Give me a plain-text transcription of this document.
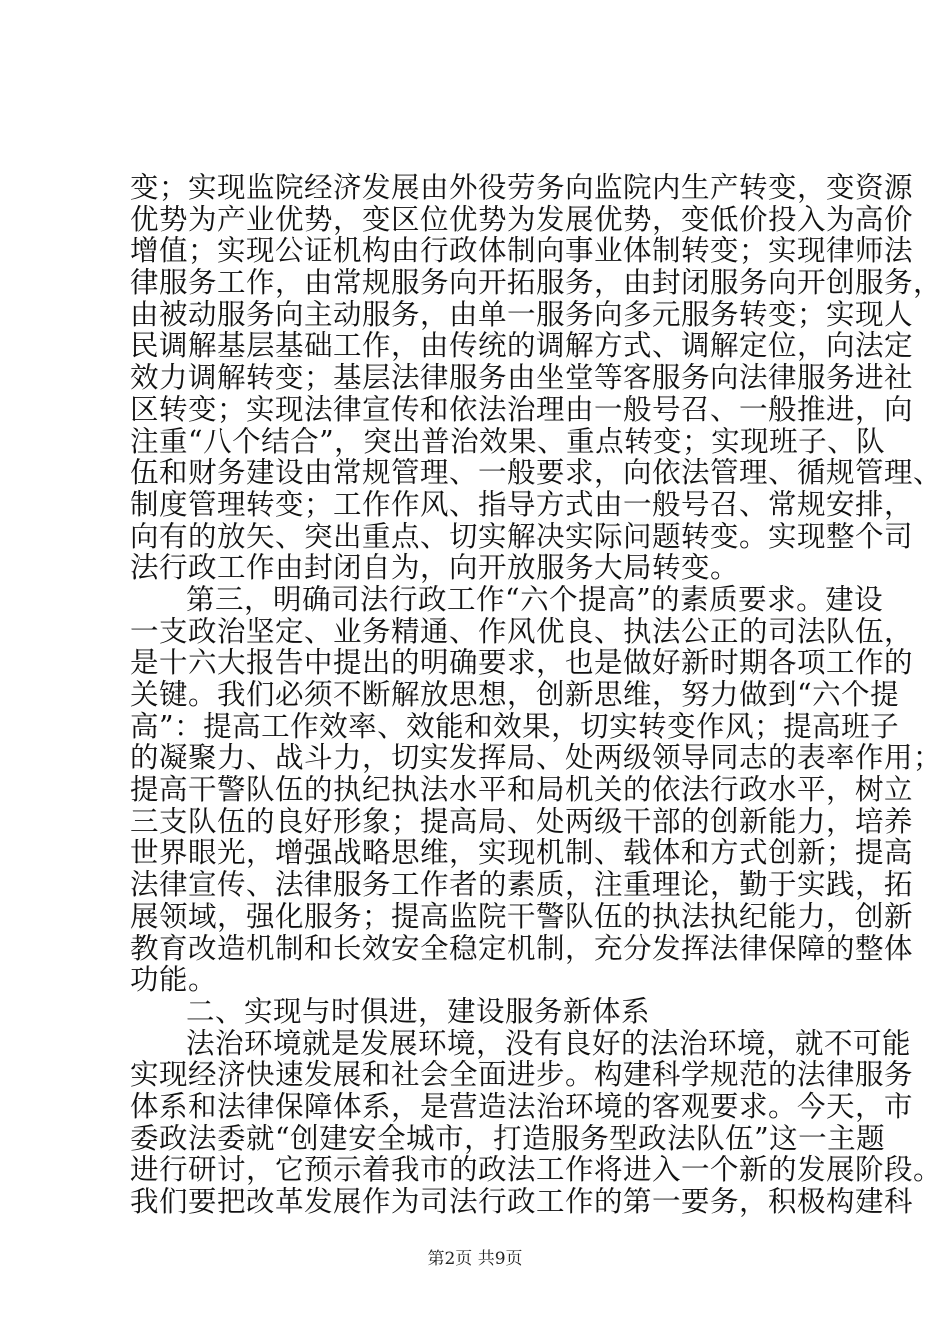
变；实现监院经济发展由外役劳务向监院内生产转变，变资源
优势为产业优势，变区位优势为发展优势，变低价投入为高价
增值；实现公证机构由行政体制向事业体制转变；实现律师法
律服务工作，由常规服务向开拓服务，由封闭服务向开创服务，
由被动服务向主动服务，由单一服务向多元服务转变；实现人
民调解基层基础工作，由传统的调解方式、调解定位，向法定
效力调解转变；基层法律服务由坐堂等客服务向法律服务进社
区转变；实现法律宣传和依法治理由一般号召、一般推进，向
注重“八个结合”，突出普治效果、重点转变；实现班子、队
伍和财务建设由常规管理、一般要求，向依法管理、循规管理、
制度管理转变；工作作风、指导方式由一般号召、常规安排，
向有的放矢、突出重点、切实解决实际问题转变。实现整个司
法行政工作由封闭自为，向开放服务大局转变。
第三，明确司法行政工作“六个提高”的素质要求。建设
一支政治坚定、业务精通、作风优良、执法公正的司法队伍，
是十六大报告中提出的明确要求，也是做好新时期各项工作的
关键。我们必须不断解放思想，创新思维，努力做到“六个提
高”：提高工作效率、效能和效果，切实转变作风；提高班子
的凝聚力、战斗力，切实发挥局、处两级领导同志的表率作用；
提高干警队伍的执纪执法水平和局机关的依法行政水平，树立
三支队伍的良好形象；提高局、处两级干部的创新能力，培养
世界眼光，增强战略思维，实现机制、载体和方式创新；提高
法律宣传、法律服务工作者的素质，注重理论，勤于实践，拓
展领域，强化服务；提高监院干警队伍的执法执纪能力，创新
教育改造机制和长效安全稳定机制，充分发挥法律保障的整体
功能。
二、实现与时俱进，建设服务新体系
法治环境就是发展环境，没有良好的法治环境，就不可能
实现经济快速发展和社会全面进步。构建科学规范的法律服务
体系和法律保障体系，是营造法治环境的客观要求。今天，市
委政法委就“创建安全城市，打造服务型政法队伍”这一主题
进行研讨，它预示着我市的政法工作将进入一个新的发展阶段。
我们要把改革发展作为司法行政工作的第一要务，积极构建科
第2页 共9页
